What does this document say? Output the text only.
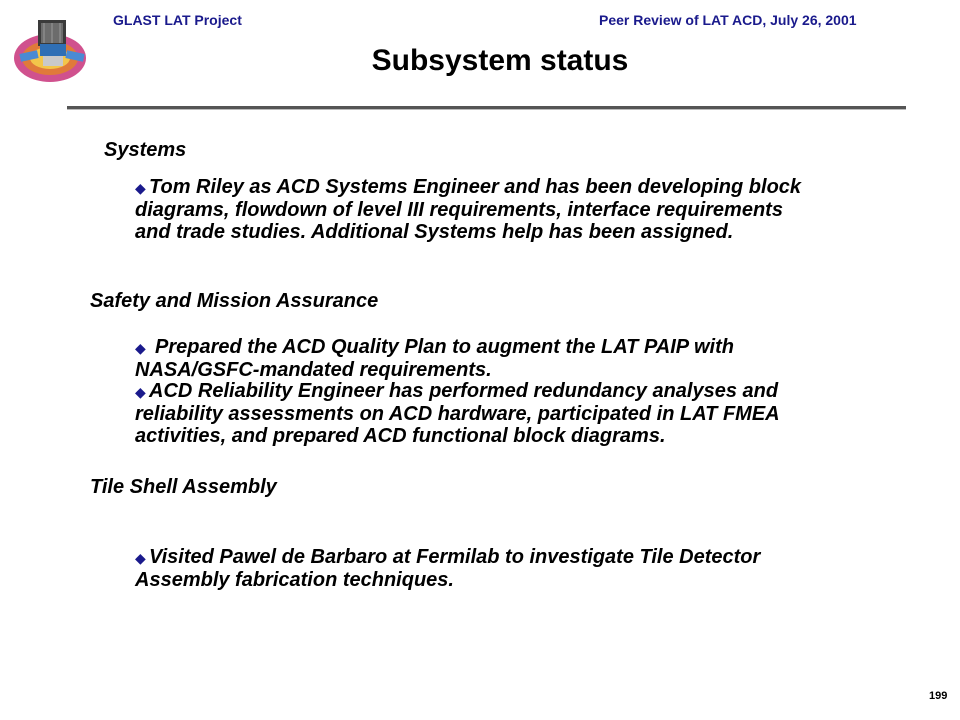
GLAST LAT Project	Peer Review of LAT ACD, July 26, 2001
Subsystem status
Systems
◆ Tom Riley as ACD Systems Engineer and has been developing block
diagrams, flowdown of level III requirements, interface requirements
and trade studies. Additional Systems help has been assigned.
Safety and Mission Assurance
◆ Prepared the ACD Quality Plan to augment the LAT PAIP with
NASA/GSFC-mandated requirements.
◆ ACD Reliability Engineer has performed redundancy analyses and
reliability assessments on ACD hardware, participated in LAT FMEA
activities, and prepared ACD functional block diagrams.
Tile Shell Assembly
◆ Visited Pawel de Barbaro at Fermilab to investigate Tile Detector
Assembly fabrication techniques.
199
